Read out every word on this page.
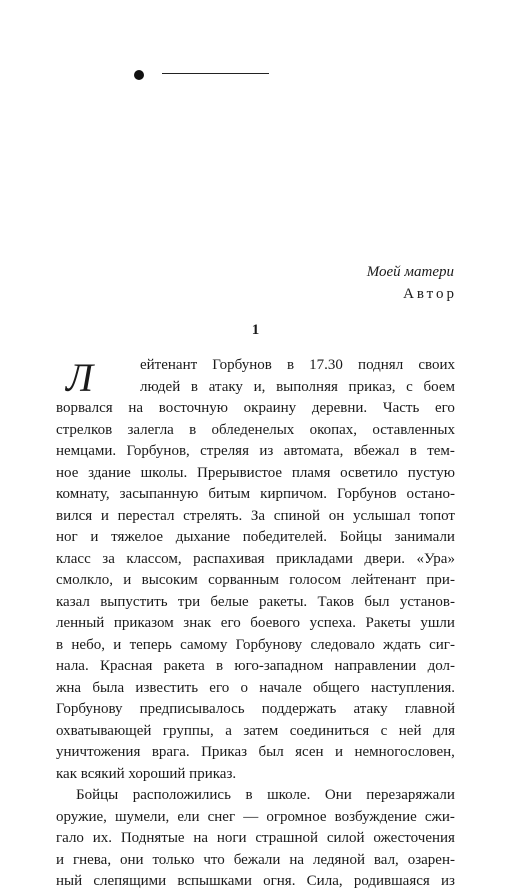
Моей матери
Автор
1
Л	ейтенант Горбунов в 17.30 поднял своих
людей в атаку и, выполняя приказ, с боем
ворвался на восточную окраину деревни. Часть его
стрелков залегла в обледенелых окопах, оставленных
немцами. Горбунов, стреляя из автомата, вбежал в тем-
ное здание школы. Прерывистое пламя осветило пустую
комнату, засыпанную битым кирпичом. Горбунов остано-
вился и перестал стрелять. За спиной он услышал топот
ног и тяжелое дыхание победителей. Бойцы занимали
класс за классом, распахивая прикладами двери. «Ура»
смолкло, и высоким сорванным голосом лейтенант при-
казал выпустить три белые ракеты. Таков был установ-
ленный приказом знак его боевого успеха. Ракеты ушли
в небо, и теперь самому Горбунову следовало ждать сиг-
нала. Красная ракета в юго-западном направлении дол-
жна была известить его о начале общего наступления.
Горбунову предписывалось поддержать атаку главной
охватывающей группы, а затем соединиться с ней для
уничтожения врага. Приказ был ясен и немногословен,
как всякий хороший приказ.
Бойцы расположились в школе. Они перезаряжали
оружие, шумели, ели снег — огромное возбуждение сжи-
гало их. Поднятые на ноги страшной силой ожесточения
и гнева, они только что бежали на ледяной вал, озарен-
ный слепящими вспышками огня. Сила, родившаяся из
